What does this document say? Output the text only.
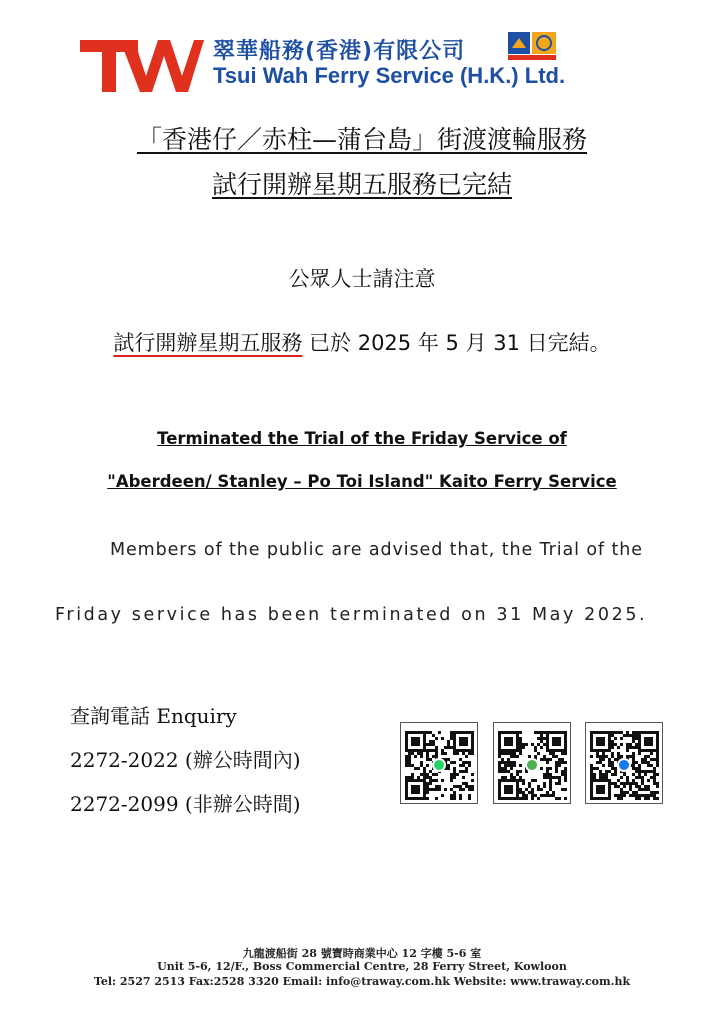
翠華船務(香港)有限公司
Tsui Wah Ferry Service (H.K.) Ltd.
「香港仔／赤柱—蒲台島」街渡渡輪服務
試行開辦星期五服務已完結
公眾人士請注意
試行開辦星期五服務 已於 2025 年 5 月 31 日完結。
Terminated the Trial of the Friday Service of
"Aberdeen/ Stanley – Po Toi Island" Kaito Ferry Service
Members of the public are advised that, the Trial of the
Friday service has been terminated on 31 May 2025.
查詢電話 Enquiry
2272-2022 (辦公時間內)
2272-2099 (非辦公時間)
九龍渡船街 28 號寶時商業中心 12 字樓 5-6 室
Unit 5-6, 12/F., Boss Commercial Centre, 28 Ferry Street, Kowloon
Tel: 2527 2513 Fax:2528 3320 Email: info@traway.com.hk Website: www.traway.com.hk
